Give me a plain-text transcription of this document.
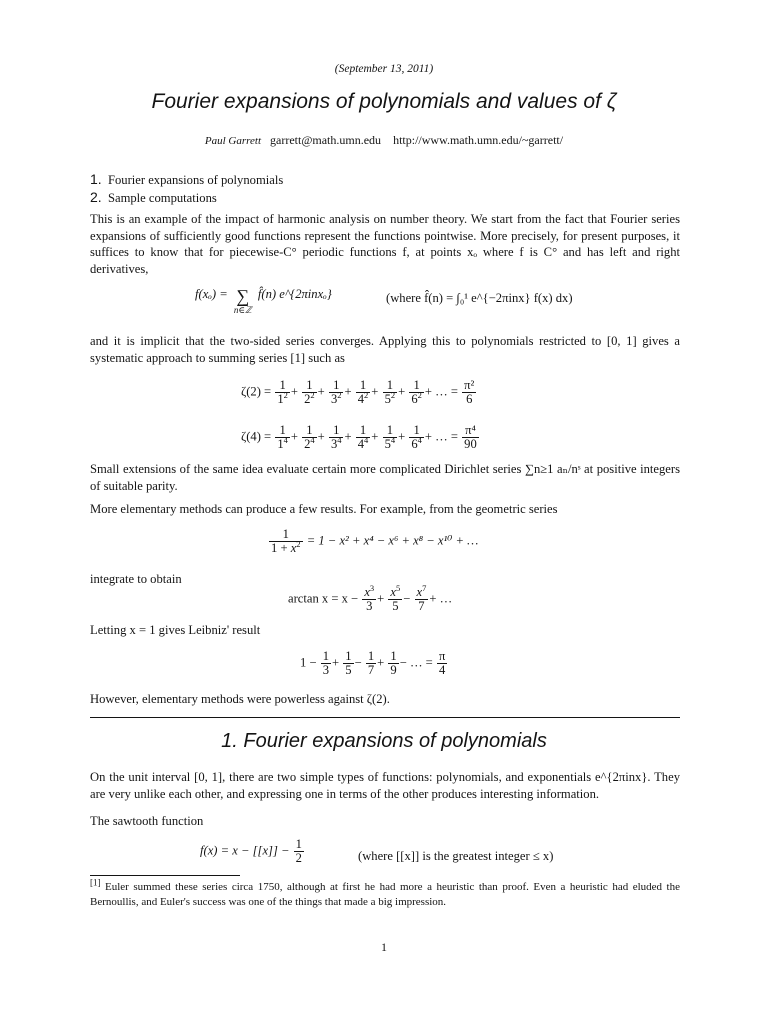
(September 13, 2011)
Fourier expansions of polynomials and values of ζ
Paul Garrett garrett@math.umn.edu http://www.math.umn.edu/~garrett/
1. Fourier expansions of polynomials
2. Sample computations
This is an example of the impact of harmonic analysis on number theory. We start from the fact that Fourier series expansions of sufficiently good functions represent the functions pointwise. More precisely, for present purposes, it suffices to know that for piecewise-C° periodic functions f, at points xₒ where f is C° and has left and right derivatives,
f(xₒ) = ∑
n∈ℤ
f̂(n) e^{2πinxₒ}	(where f̂(n) = ∫₀¹ e^{−2πinx} f(x) dx)
and it is implicit that the two-sided series converges. Applying this to polynomials restricted to [0, 1] gives a systematic approach to summing series [1] such as
$\zeta(2) = \frac{1}{1^2} + \frac{1}{2^2} + \frac{1}{3^2} + \frac{1}{4^2} + \frac{1}{5^2} + \frac{1}{6^2}$ + … = $\frac{\text{π²}}{6}$
$\zeta(4) = \frac{1}{1^4} + \frac{1}{2^4} + \frac{1}{3^4} + \frac{1}{4^4} + \frac{1}{5^4} + \frac{1}{6^4}$ + … = $\frac{\text{π⁴}}{90}$
Small extensions of the same idea evaluate certain more complicated Dirichlet series ∑n≥1 aₙ/nˢ at positive integers of suitable parity.
More elementary methods can produce a few results. For example, from the geometric series
$\frac{1}{1 + x^2} = 1 - x^2 + x^4 - x^6 + x^8 - x^{10}$ + …
integrate to obtain
$\arctan x = x - \frac{x^3}{3} + \frac{x^5}{5} - \frac{x^7}{7}$ + …
Letting x = 1 gives Leibniz' result
$1 - \frac{1}{3} + \frac{1}{5} - \frac{1}{7} + \frac{1}{9}$ − … = $\frac{\pi}{4}$
However, elementary methods were powerless against ζ(2).
1. Fourier expansions of polynomials
On the unit interval [0, 1], there are two simple types of functions: polynomials, and exponentials e^{2πinx}. They are very unlike each other, and expressing one in terms of the other produces interesting information.
The sawtooth function
$f(x) = x - [[x]] - \frac{1}{2}$	(where [[x]] is the greatest integer ≤ x)
[1] Euler summed these series circa 1750, although at first he had more a heuristic than proof. Even a heuristic had eluded the Bernoullis, and Euler's success was one of the things that made a big impression.
1
